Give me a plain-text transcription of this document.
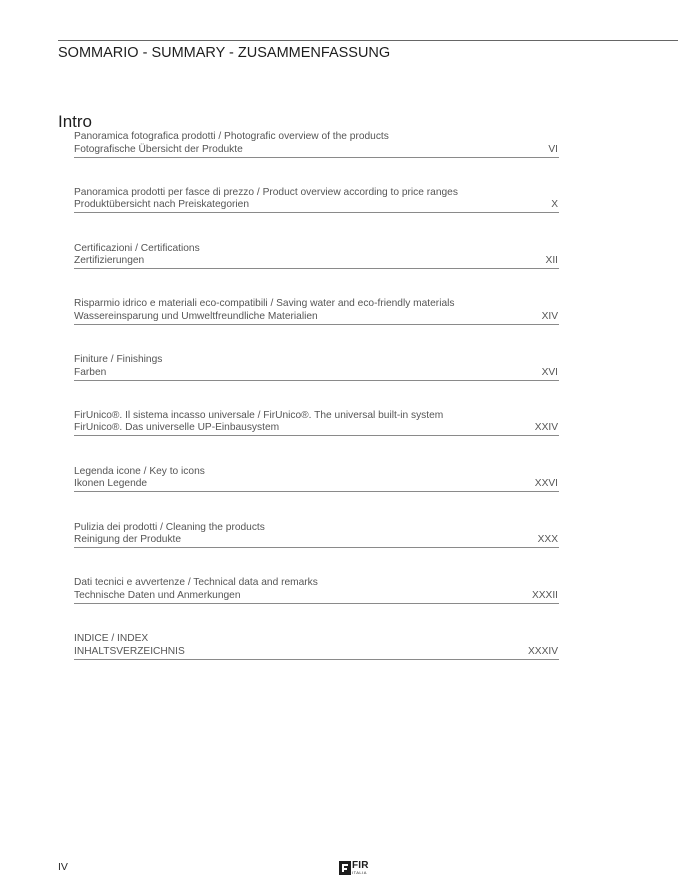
SOMMARIO - SUMMARY - ZUSAMMENFASSUNG
Intro
Panoramica fotografica prodotti / Photografic overview of the products
Fotografische Übersicht der Produkte	VI
Panoramica prodotti per fasce di prezzo / Product overview according to price ranges
Produktübersicht nach Preiskategorien	X
Certificazioni / Certifications
Zertifizierungen	XII
Risparmio idrico e materiali eco-compatibili / Saving water and eco-friendly materials
Wassereinsparung und Umweltfreundliche Materialien	XIV
Finiture / Finishings
Farben	XVI
FirUnico®. Il sistema incasso universale / FirUnico®. The universal built-in system
FirUnico®. Das universelle UP-Einbausystem	XXIV
Legenda icone / Key to icons
Ikonen Legende	XXVI
Pulizia dei prodotti / Cleaning the products
Reinigung der Produkte	XXX
Dati tecnici e avvertenze / Technical data and remarks
Technische Daten und Anmerkungen	XXXII
INDICE / INDEX
INHALTSVERZEICHNIS	XXXIV
IV	FIR
ITALIA
